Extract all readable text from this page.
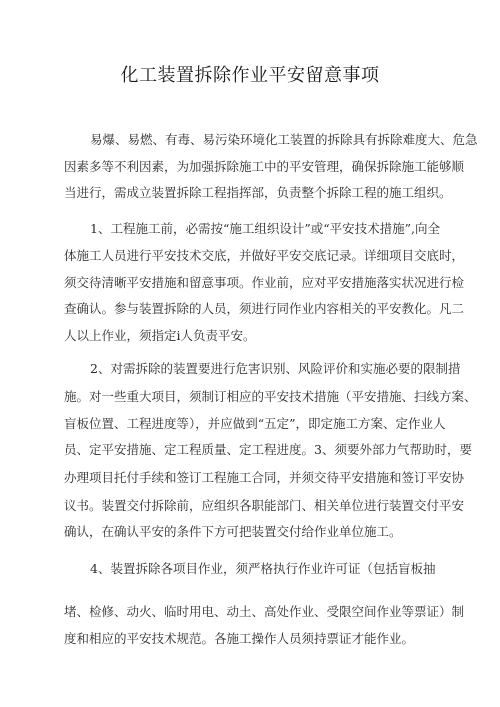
化工装置拆除作业平安留意事项
易爆、易燃、有毒、易污染环境化工装置的拆除具有拆除难度大、危急
因素多等不利因素，为加强拆除施工中的平安管理，确保拆除施工能够顺
当进行，需成立装置拆除工程指挥部，负责整个拆除工程的施工组织。
1、工程施工前，必需按“施工组织设计”或“平安技术措施”,向全
体施工人员进行平安技术交底，并做好平安交底记录。详细项目交底时，
须交待清晰平安措施和留意事项。作业前，应对平安措施落实状况进行检
查确认。参与装置拆除的人员，须进行同作业内容相关的平安教化。凡二
人以上作业，须指定i人负责平安。
2、对需拆除的装置要进行危害识别、风险评价和实施必要的限制措
施。对一些重大项目，须制订相应的平安技术措施（平安措施、扫线方案、
盲板位置、工程进度等），并应做到“五定”，即定施工方案、定作业人
员、定平安措施、定工程质量、定工程进度。3、须要外部力气帮助时，要
办理项目托付手续和签订工程施工合同，并须交待平安措施和签订平安协
议书。装置交付拆除前，应组织各职能部门、相关单位进行装置交付平安
确认，在确认平安的条件下方可把装置交付给作业单位施工。
4、装置拆除各项目作业，须严格执行作业许可证（包括盲板抽
堵、检修、动火、临时用电、动土、高处作业、受限空间作业等票证）制
度和相应的平安技术规范。各施工操作人员须持票证才能作业。
